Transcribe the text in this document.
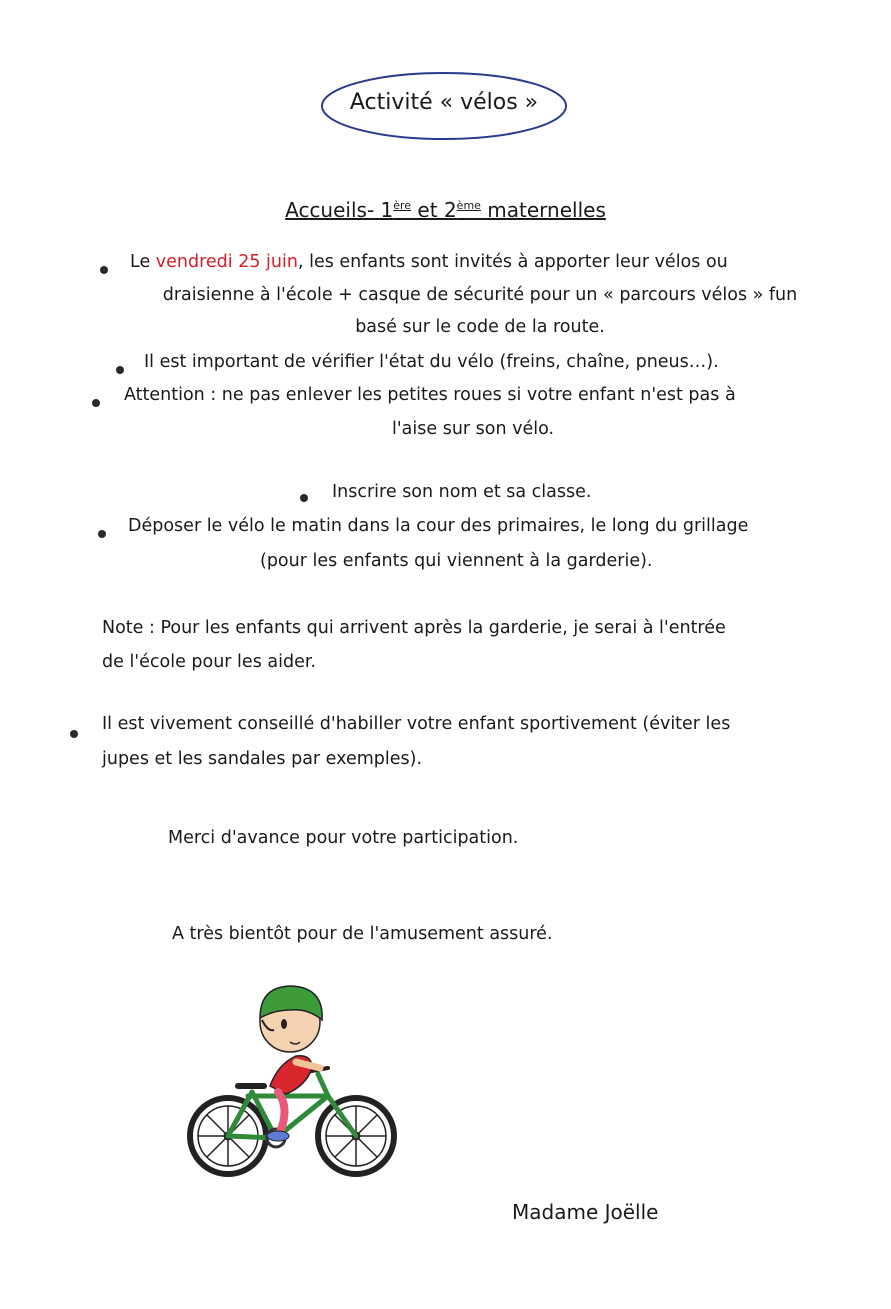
Activité « vélos »
Accueils- 1ère et 2ème maternelles
Le vendredi 25 juin, les enfants sont invités à apporter leur vélos ou
draisienne à l'école + casque de sécurité pour un « parcours vélos » fun
basé sur le code de la route.
Il est important de vérifier l'état du vélo (freins, chaîne, pneus…).
Attention : ne pas enlever les petites roues si votre enfant n'est pas à
l'aise sur son vélo.
Inscrire son nom et sa classe.
Déposer le vélo le matin dans la cour des primaires, le long du grillage
(pour les enfants qui viennent à la garderie).
Note : Pour les enfants qui arrivent après la garderie, je serai à l'entrée
de l'école pour les aider.
Il est vivement conseillé d'habiller votre enfant sportivement (éviter les
jupes et les sandales par exemples).
Merci d'avance pour votre participation.
A très bientôt pour de l'amusement assuré.
Madame Joëlle
